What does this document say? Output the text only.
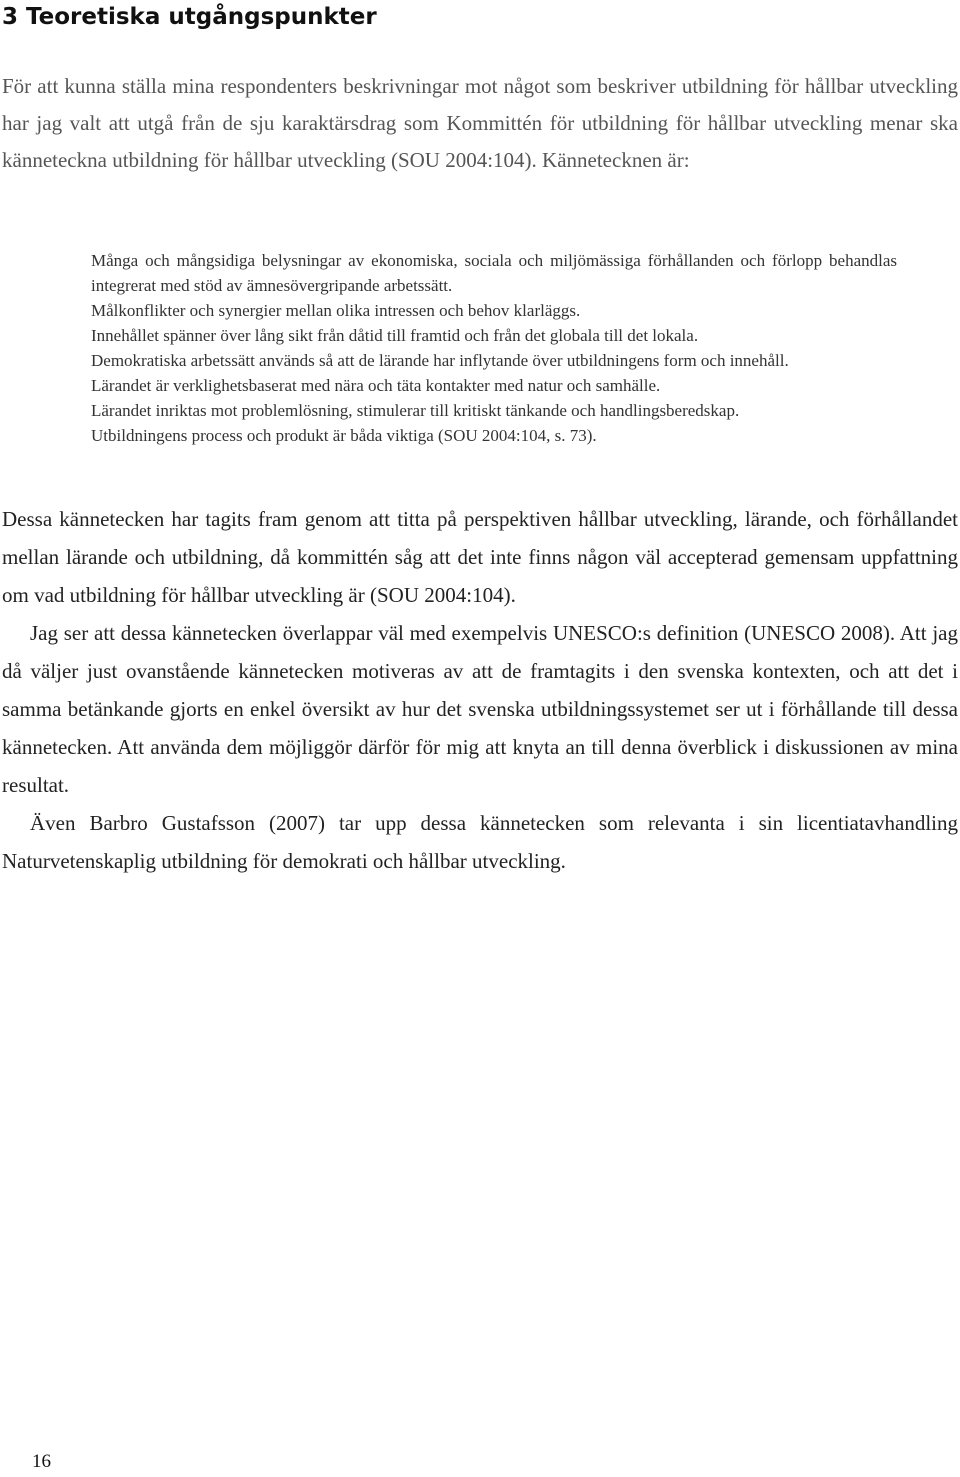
3 Teoretiska utgångspunkter

För att kunna ställa mina respondenters beskrivningar mot något som beskriver utbildning för hållbar utveckling har jag valt att utgå från de sju karaktärsdrag som Kommittén för utbildning för hållbar utveckling menar ska känneteckna utbildning för hållbar utveckling (SOU 2004:104). Kännetecknen är:

Många och mångsidiga belysningar av ekonomiska, sociala och miljömässiga förhållanden och förlopp behandlas integrerat med stöd av ämnesövergripande arbetssätt.

Målkonflikter och synergier mellan olika intressen och behov klarläggs.

Innehållet spänner över lång sikt från dåtid till framtid och från det globala till det lokala.

Demokratiska arbetssätt används så att de lärande har inflytande över utbildningens form och innehåll.

Lärandet är verklighetsbaserat med nära och täta kontakter med natur och samhälle.

Lärandet inriktas mot problemlösning, stimulerar till kritiskt tänkande och handlingsberedskap.

Utbildningens process och produkt är båda viktiga (SOU 2004:104, s. 73).

Dessa kännetecken har tagits fram genom att titta på perspektiven hållbar utveckling, lärande, och förhållandet mellan lärande och utbildning, då kommittén såg att det inte finns någon väl accepterad gemensam uppfattning om vad utbildning för hållbar utveckling är (SOU 2004:104).

Jag ser att dessa kännetecken överlappar väl med exempelvis UNESCO:s definition (UNESCO 2008). Att jag då väljer just ovanstående kännetecken motiveras av att de framtagits i den svenska kontexten, och att det i samma betänkande gjorts en enkel översikt av hur det svenska utbildningssystemet ser ut i förhållande till dessa kännetecken. Att använda dem möjliggör därför för mig att knyta an till denna överblick i diskussionen av mina resultat.

Även Barbro Gustafsson (2007) tar upp dessa kännetecken som relevanta i sin licentiatavhandling Naturvetenskaplig utbildning för demokrati och hållbar utveckling.

16
